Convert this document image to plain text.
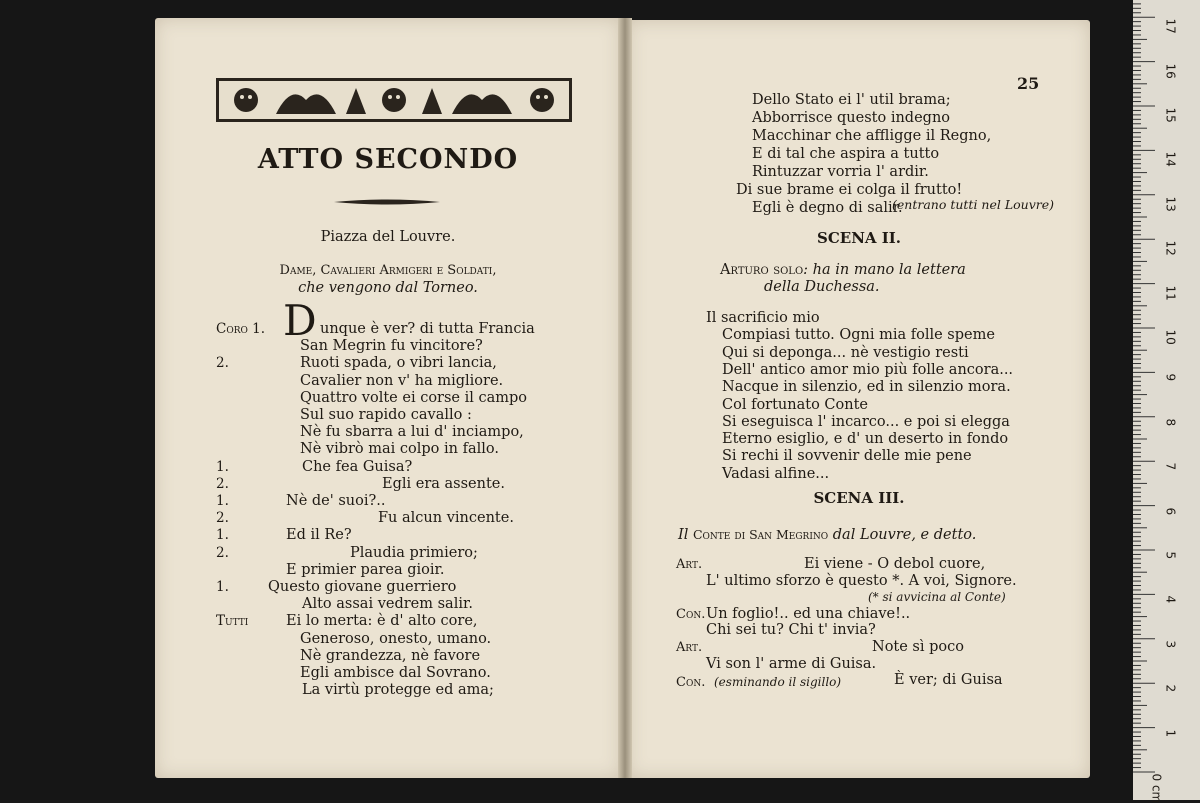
ATTO SECONDO
Piazza del Louvre.
Dame, Cavalieri Armigeri e Soldati,
che vengono dal Torneo.
D
Coro 1.	unque è ver? di tutta Francia
San Megrin fu vincitore?
2.	Ruoti spada, o vibri lancia,
Cavalier non v' ha migliore.
Quattro volte ei corse il campo
Sul suo rapido cavallo :
Nè fu sbarra a lui d' inciampo,
Nè vibrò mai colpo in fallo.
1.	Che fea Guisa?
2.	Egli era assente.
1.	Nè de' suoi?..
2.	Fu alcun vincente.
1.	Ed il Re?
2.	Plaudia primiero;
E primier parea gioir.
1.	Questo giovane guerriero
Alto assai vedrem salir.
Tutti	Ei lo merta: è d' alto core,
Generoso, onesto, umano.
Nè grandezza, nè favore
Egli ambisce dal Sovrano.
La virtù protegge ed ama;
25
Dello Stato ei l' util brama;
Abborrisce questo indegno
Macchinar che affligge il Regno,
E di tal che aspira a tutto
Rintuzzar vorria l' ardir.
Di sue brame ei colga il frutto!
Egli è degno di salir.
(entrano tutti nel Louvre)
SCENA II.
Arturo solo: ha in mano la lettera
della Duchessa.
Il sacrificio mio
Compiasi tutto. Ogni mia folle speme
Qui si deponga... nè vestigio resti
Dell' antico amor mio più folle ancora...
Nacque in silenzio, ed in silenzio mora.
Col fortunato Conte
Si eseguisca l' incarco... e poi si elegga
Eterno esiglio, e d' un deserto in fondo
Si rechi il sovvenir delle mie pene
Vadasi alfine...
SCENA III.
Il Conte di San Megrino dal Louvre, e detto.
Art.	Ei viene - O debol cuore,
L' ultimo sforzo è questo *. A voi, Signore.
(* si avvicina al Conte)
Con. Un foglio!.. ed una chiave!..
Chi sei tu? Chi t' invia?
Art.	Note sì poco
Vi son l' arme di Guisa.
Con. (esminando il sigillo)	È ver; di Guisa
0 cm
1
2
3
4
5
6
7
8
9
10
11
12
13
14
15
16
17
